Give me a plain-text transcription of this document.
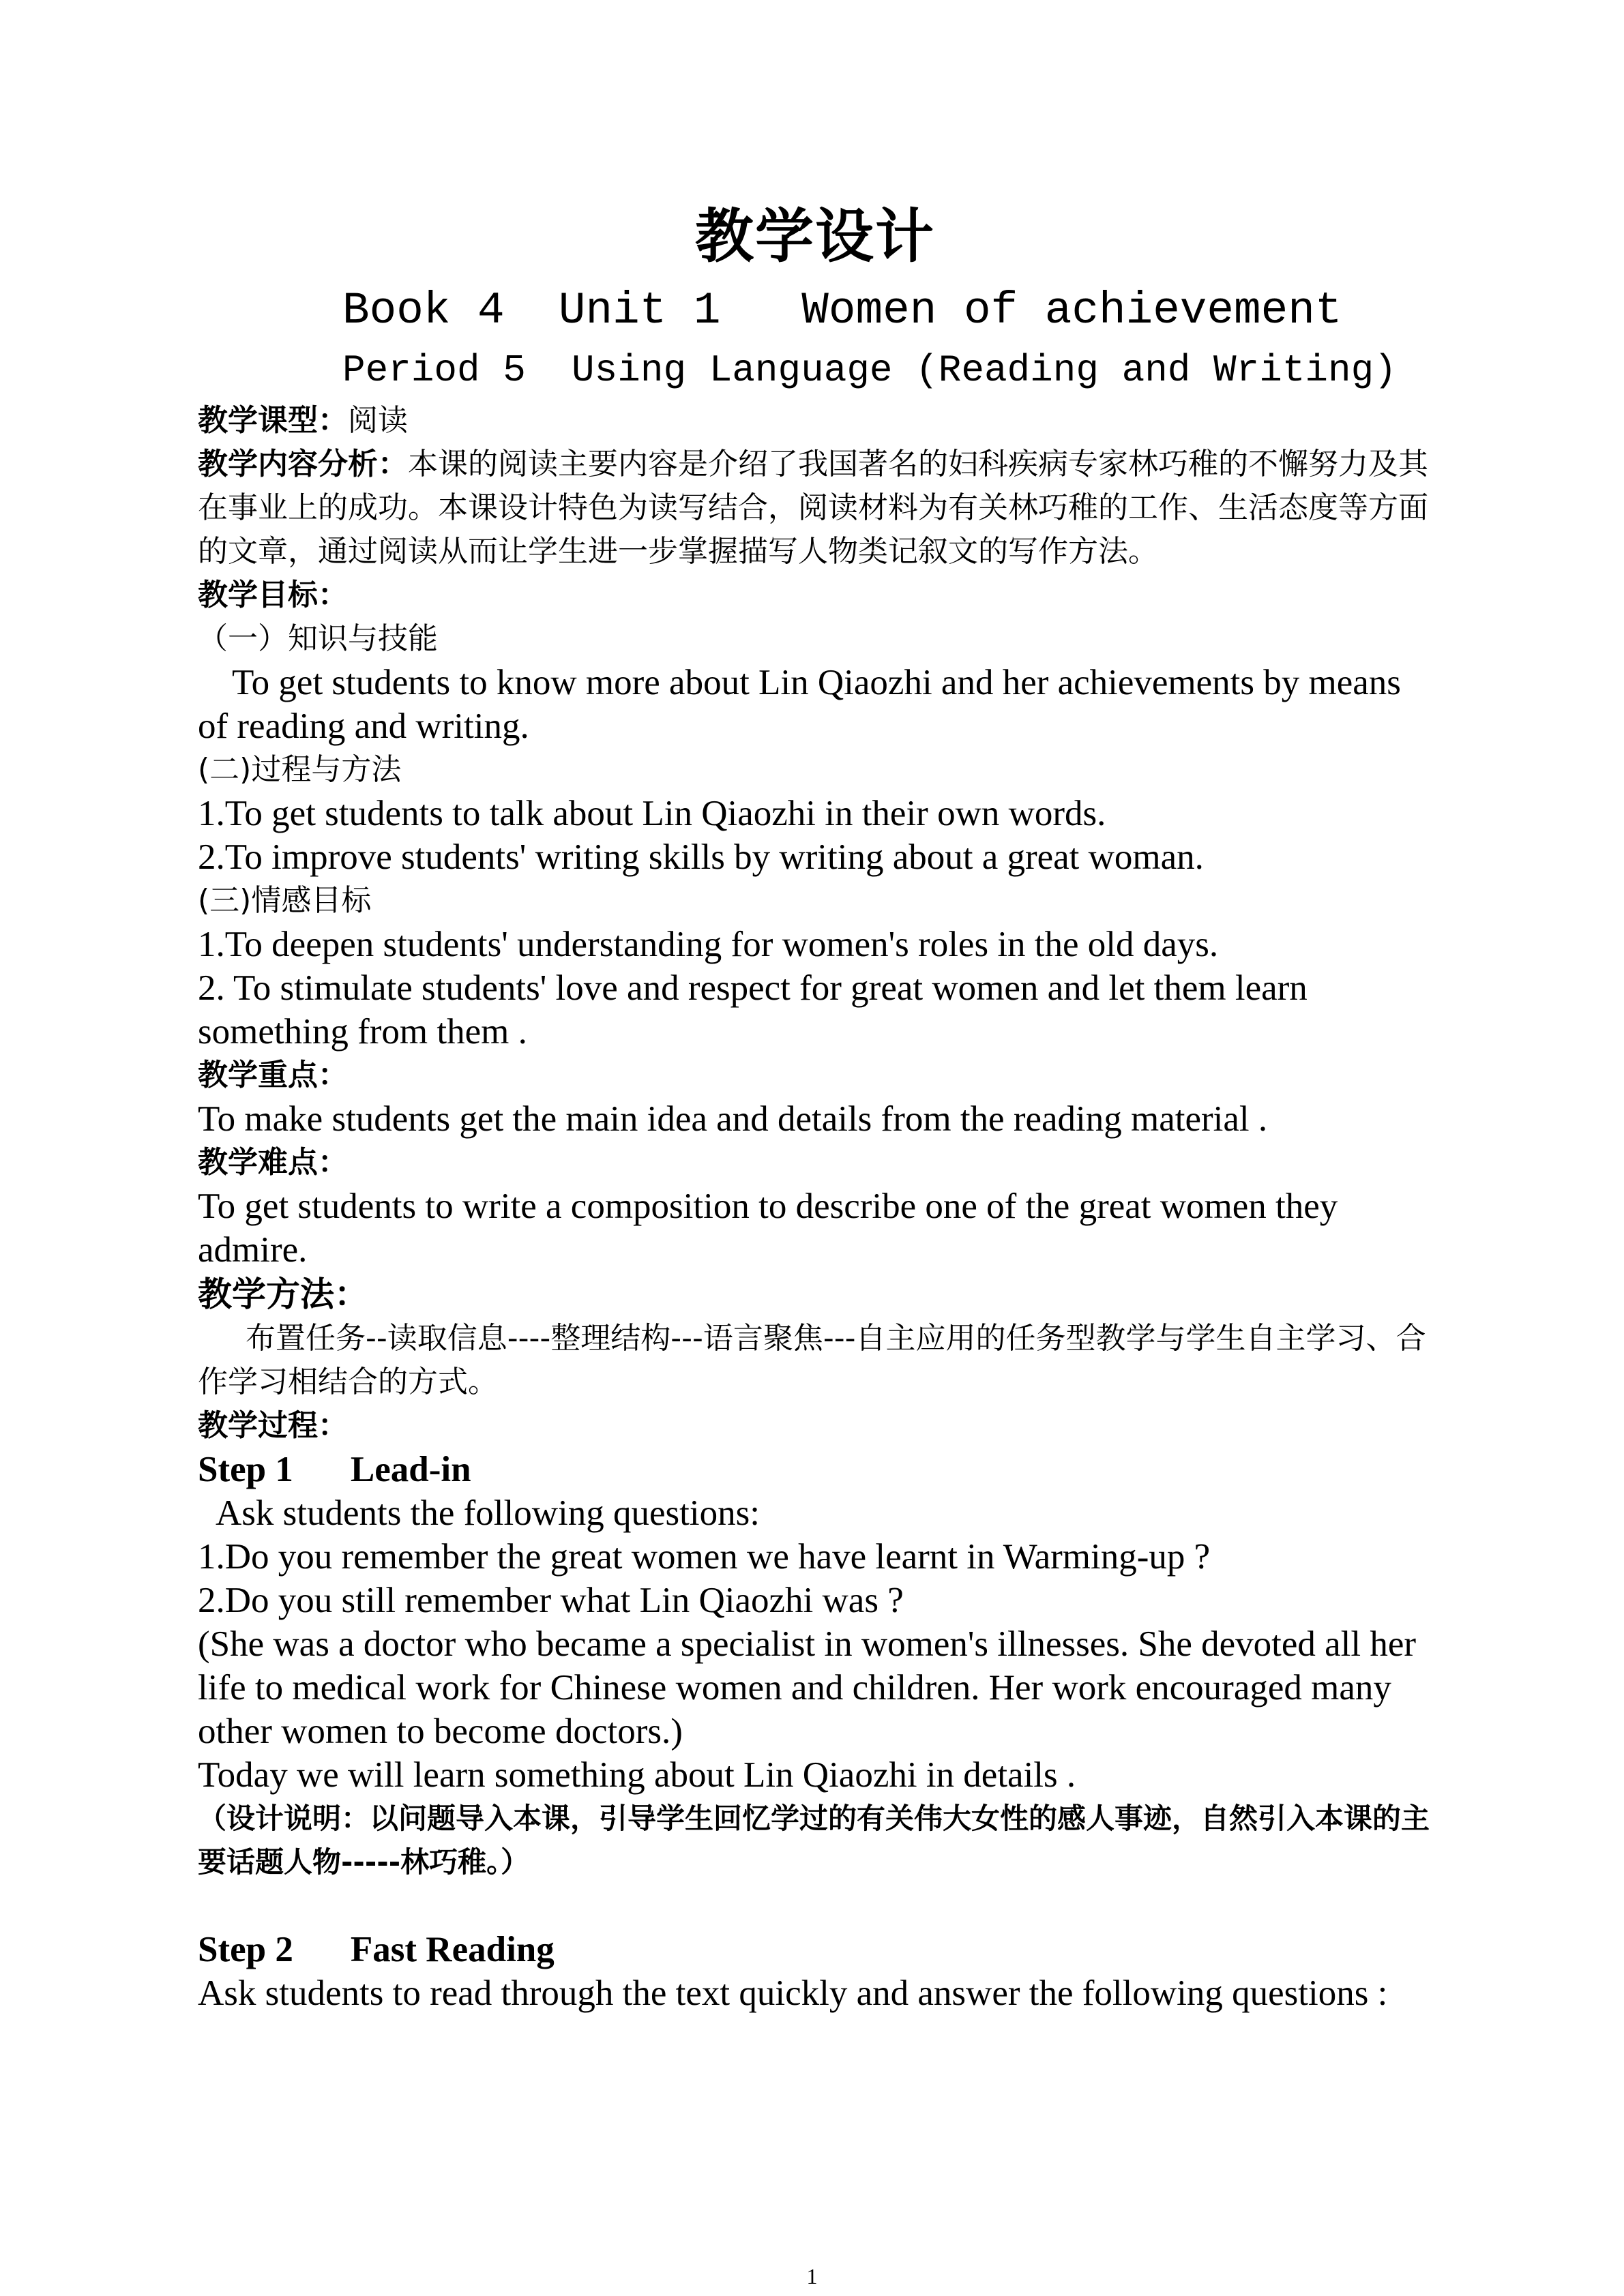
教学设计

Book 4  Unit 1   Women of achievement

Period 5  Using Language (Reading and Writing)

教学课型：阅读

教学内容分析：本课的阅读主要内容是介绍了我国著名的妇科疾病专家林巧稚的不懈努力及其在事业上的成功。本课设计特色为读写结合，阅读材料为有关林巧稚的工作、生活态度等方面的文章，通过阅读从而让学生进一步掌握描写人物类记叙文的写作方法。

教学目标：

（一）知识与技能

To get students to know more about Lin Qiaozhi and her achievements by means of reading and writing.

(二)过程与方法

1.To get students to talk about Lin Qiaozhi in their own words.

2.To improve students' writing skills by writing about a great woman.

(三)情感目标

1.To deepen students' understanding for women's roles in the old days.

2. To stimulate students' love and respect for great women and let them learn something from them .

教学重点：

To make students get the main idea and details from the reading material .

教学难点：

To get students to write a composition to describe one of the great women they admire.

教学方法：

布置任务--读取信息----整理结构---语言聚焦---自主应用的任务型教学与学生自主学习、合作学习相结合的方式。

教学过程：

Step 1 Lead-in

Ask students the following questions:

1.Do you remember the great women we have learnt in Warming-up ?

2.Do you still remember what Lin Qiaozhi was ?

(She was a doctor who became a specialist in women's illnesses. She devoted all her life to medical work for Chinese women and children. Her work encouraged many other women to become doctors.)

Today we will learn something about Lin Qiaozhi in details .

（设计说明：以问题导入本课，引导学生回忆学过的有关伟大女性的感人事迹，自然引入本课的主要话题人物-----林巧稚。）

Step 2 Fast Reading

Ask students to read through the text quickly and answer the following questions :

1
